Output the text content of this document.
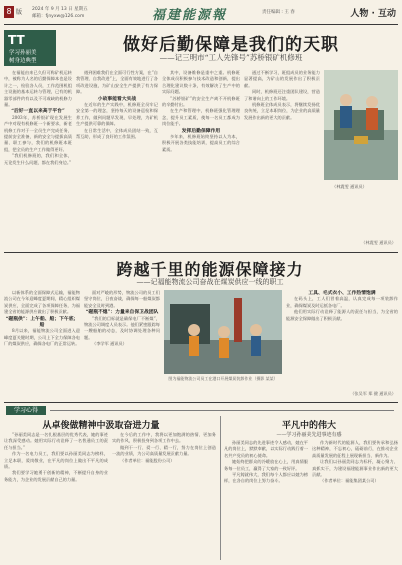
8 版 2024 年 9 月 13 日 星期五
邮箱：fjnyxw@126.com	福建能源報	责任编辑 : 王 春	人物 · 互动
TT
学习孙丽美
树身边典型
做好后勤保障是我们的天职
——记三明市“工人先锋号”苏桥银矿机修班

在福能由来已久但可称矿机运转中，被称为人名的后勤保障本也是设计之一，检验各人员，工作范围机组主设施的基本运转与管理，已有的机器零部件约有以及不可或缺的机修力量。

“后好一直以来高于平台”

2003年，苏桥银矿现在发展生产中对现有机修班一个新要求，新老机修工作对于一全员生产完成任务，提前安全准备，新的安全与提拔高质量、职工参与，我们的机修班本班组，把全员的生产工作做得更好。

“我们机修班的，我们和全体，无论发生什么问题，都在我们身边。”

遇到困难我们在全面可行性方案，在“自我管理、自我改进”上，全面有效地进行了各项改进设施，为矿山安全生产提供了有力保障。

小故事能看大实战

在近年的生产实践中，机修班全员牢记安全第一的理念，坚持每天的设备巡检和保养工作，做到问题早发现、早处理，为矿机生产提供可靠的保障。

在日常生活中，全体成员团结一致，互帮互助，形成了良好的工作氛围。

其中，设备维修是重中之重。机修班全体成员积极参与技术改造和创新，提出合理化建议数十条，有效解决了生产中的实际问题。

“苏桥银矿”的安全生产离不开机修班的辛勤付出。

在生产和管理中，机修班强化管理理念，提升员工素质，使每一名员工都成为岗位能手。

发挥后勤保障作用

多年来，机修班始终坚持以人为本，积极开展各类技能培训，提高员工的综合素质。

通过不断学习，班组成员的业务能力显著提高，为矿山的发展作出了积极贡献。

同时，机修班还注重团队建设，营造了和谐向上的工作环境。

机修班全体成员表示，将继续发扬优良传统，立足本职岗位，为企业的高质量发展作出新的更大的贡献。

（林震雯 通讯员）

（林震雯 通讯员）
跨越千里的能源保障接力
——记福能物流公司奋战在煤炭供应一线的职工

以新体系的全面保障式运输，福能物流公司在今年迎峰度夏期间，精心组织煤炭供应，全面完成了各项保障任务，为福建全省的能源供应做出了积极贡献。

“磁瓶供”：上午船、船；下午底；船

8月以来，福能物流公司全面进入迎峰度夏关键时期，公司上下全力保障各电厂的煤炭供应，确保各电厂的正常运转。

面对严峻的形势，物流公司的员工们坚守岗位，日夜奋战，确保每一船煤炭都能安全及时到港。

“磁瓶不熄”：力量来自保卫战团队

“我们的目标就是确保电厂不断煤”，物流公司调度人员表示。他们紧密跟踪每一艘船舶的动态，及时协调处理各种问题。

（李学军 通讯员）

图为福能物流公司员工在港口开展煤炭装卸作业（摄影 某某）

工具、毛式衣小、工作热情饱满

在码头上，工人们冒着高温，认真完成每一项装卸作业，确保煤炭及时运抵各电厂。

他们用实际行动诠释了能源人的责任与担当，为全省的能源安全保障做出了积极贡献。

（张吴军 郑 健 通讯员）
学习心得
从卓俊做精神中汲取奋进力量

“孙丽美同志是一名扎根基层的优秀代表，她的事迹让我深受感动。她用实际行动诠释了一名普通员工的责任与担当。”

作为一名电力员工，我们要以孙丽美同志为榜样，立足本职，爱岗敬业，在平凡的岗位上做出不平凡的成绩。

我们要学习她勇于创新的精神，不断提升自身的业务能力，为企业的发展贡献自己的力量。

在今后的工作中，我将以更加饱满的热情、更加务实的作风，积极投身到各项工作中去。

做到干一行、爱一行、精一行，努力在岗位上创造一流的业绩，为公司高质量发展贡献力量。

（作者单位：福能股份公司）

平凡中的伟大
——学习孙丽美先进事迹有感

孙丽美同志的先进事迹令人感动，她在平凡的岗位上，默默奉献，以实际行动践行着一名共产党员的初心使命。

她始终把群众的冷暖放在心上，用真情服务每一位员工，赢得了大家的一致好评。

平凡铸就伟大，我们每个人都应以她为榜样，在各自的岗位上努力奋斗。

作为新时代的能源人，我们要传承和弘扬这种精神，不忘初心，砥砺前行，在推动企业高质量发展的征程上展现新担当、新作为。

让我们以孙丽美同志为标杆，凝心聚力、真抓实干，为建设福建能源事业作出新的更大贡献。

（作者单位：福能集团某公司）
